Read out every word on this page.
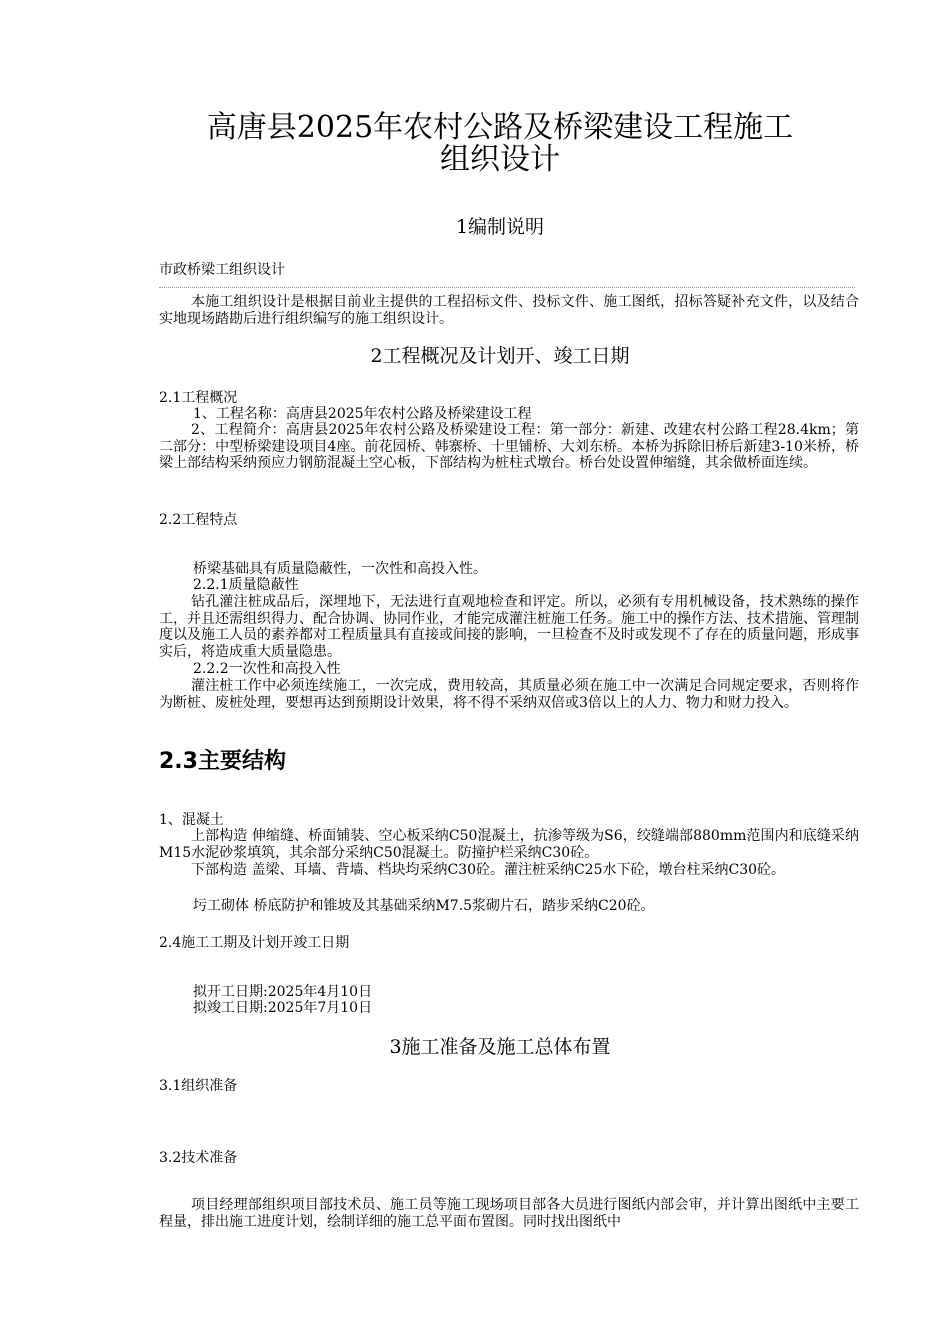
高唐县2025年农村公路及桥梁建设工程施工
组织设计
1编制说明
市政桥梁工组织设计
本施工组织设计是根据目前业主提供的工程招标文件、投标文件、施工图纸，招标答疑补充文件，以及结合实地现场踏勘后进行组织编写的施工组织设计。
2工程概况及计划开、竣工日期
2.1工程概况
1、工程名称：高唐县2025年农村公路及桥梁建设工程
2、工程简介：高唐县2025年农村公路及桥梁建设工程：第一部分：新建、改建农村公路工程28.4km；第二部分：中型桥梁建设项目4座。前花园桥、韩寨桥、十里铺桥、大刘东桥。本桥为拆除旧桥后新建3-10米桥，桥梁上部结构采纳预应力钢筋混凝土空心板，下部结构为桩柱式墩台。桥台处设置伸缩缝，其余做桥面连续。
2.2工程特点
桥梁基础具有质量隐蔽性，一次性和高投入性。
2.2.1质量隐蔽性
钻孔灌注桩成品后，深埋地下，无法进行直观地检查和评定。所以，必须有专用机械设备，技术熟练的操作工，并且还需组织得力、配合协调、协同作业，才能完成灌注桩施工任务。施工中的操作方法、技术措施、管理制度以及施工人员的素养都对工程质量具有直接或间接的影响，一旦检查不及时或发现不了存在的质量问题，形成事实后，将造成重大质量隐患。
2.2.2一次性和高投入性
灌注桩工作中必须连续施工，一次完成，费用较高，其质量必须在施工中一次满足合同规定要求，否则将作为断桩、废桩处理，要想再达到预期设计效果，将不得不采纳双倍或3倍以上的人力、物力和财力投入。
2.3主要结构
1、混凝土
上部构造 伸缩缝、桥面铺装、空心板采纳C50混凝土，抗渗等级为S6，绞缝端部880mm范围内和底缝采纳M15水泥砂浆填筑，其余部分采纳C50混凝土。防撞护栏采纳C30砼。
下部构造 盖梁、耳墙、背墙、档块均采纳C30砼。灌注桩采纳C25水下砼，墩台柱采纳C30砼。
圬工砌体 桥底防护和锥坡及其基础采纳M7.5浆砌片石，踏步采纳C20砼。
2.4施工工期及计划开竣工日期
拟开工日期:2025年4月10日
拟竣工日期:2025年7月10日
3施工准备及施工总体布置
3.1组织准备
3.2技术准备
项目经理部组织项目部技术员、施工员等施工现场项目部各大员进行图纸内部会审，并计算出图纸中主要工程量，排出施工进度计划，绘制详细的施工总平面布置图。同时找出图纸中
